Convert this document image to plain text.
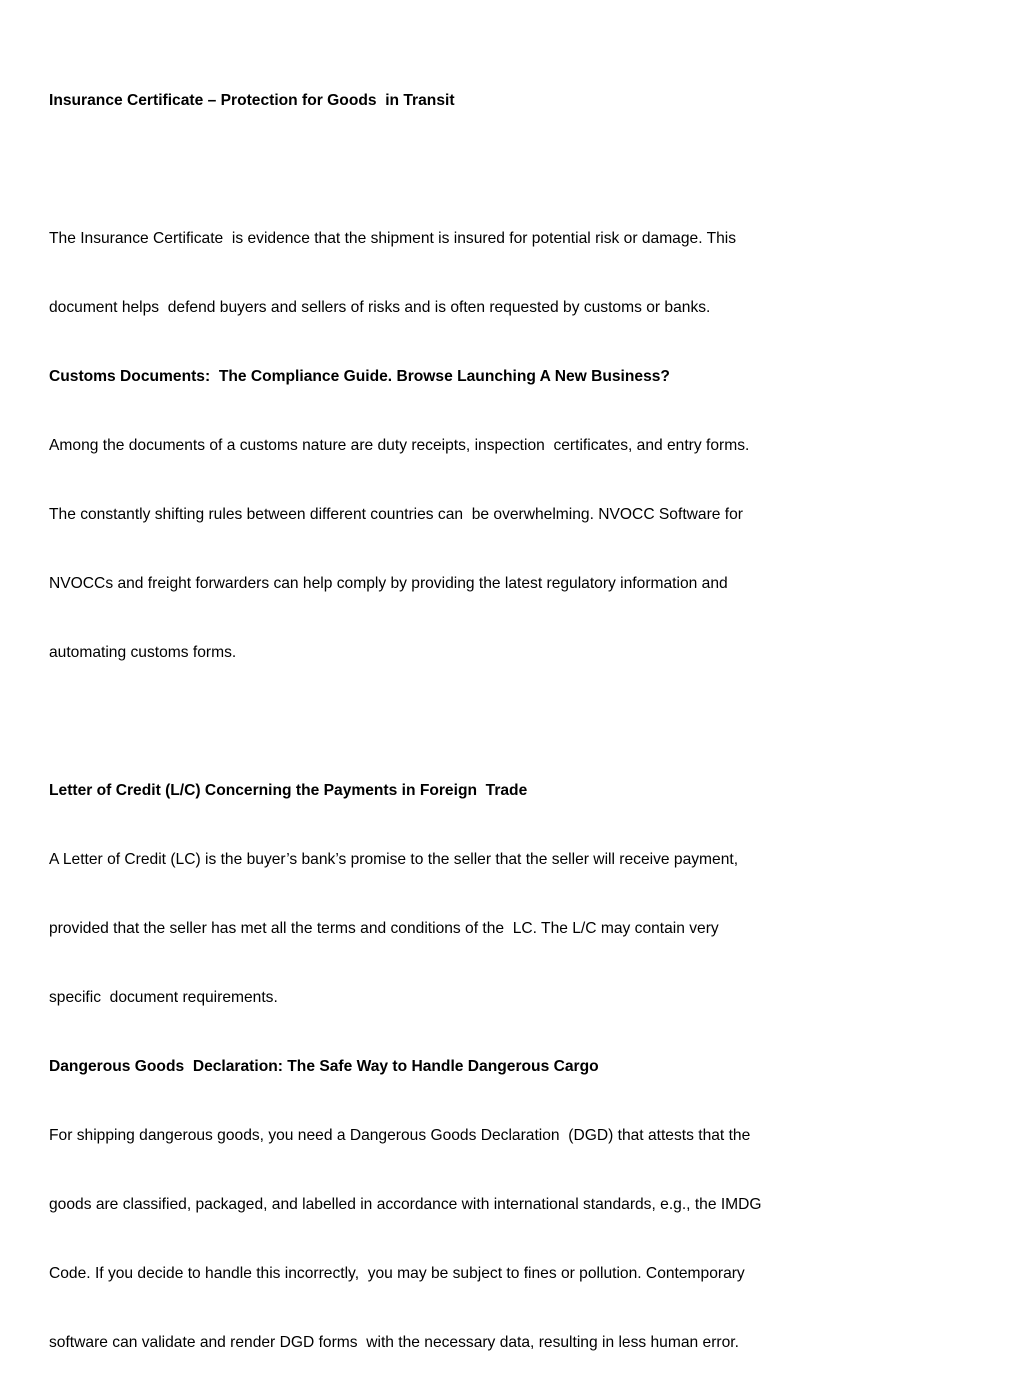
Insurance Certificate – Protection for Goods  in Transit

The Insurance Certificate  is evidence that the shipment is insured for potential risk or damage. This

document helps  defend buyers and sellers of risks and is often requested by customs or banks.

Customs Documents:  The Compliance Guide. Browse Launching A New Business?

Among the documents of a customs nature are duty receipts, inspection  certificates, and entry forms.

The constantly shifting rules between different countries can  be overwhelming. NVOCC Software for

NVOCCs and freight forwarders can help comply by providing the latest regulatory information and

automating customs forms.

Letter of Credit (L/C) Concerning the Payments in Foreign  Trade

A Letter of Credit (LC) is the buyer’s bank’s promise to the seller that the seller will receive payment,

provided that the seller has met all the terms and conditions of the  LC. The L/C may contain very

specific  document requirements.

Dangerous Goods  Declaration: The Safe Way to Handle Dangerous Cargo

For shipping dangerous goods, you need a Dangerous Goods Declaration  (DGD) that attests that the

goods are classified, packaged, and labelled in accordance with international standards, e.g., the IMDG

Code. If you decide to handle this incorrectly,  you may be subject to fines or pollution. Contemporary

software can validate and render DGD forms  with the necessary data, resulting in less human error.
